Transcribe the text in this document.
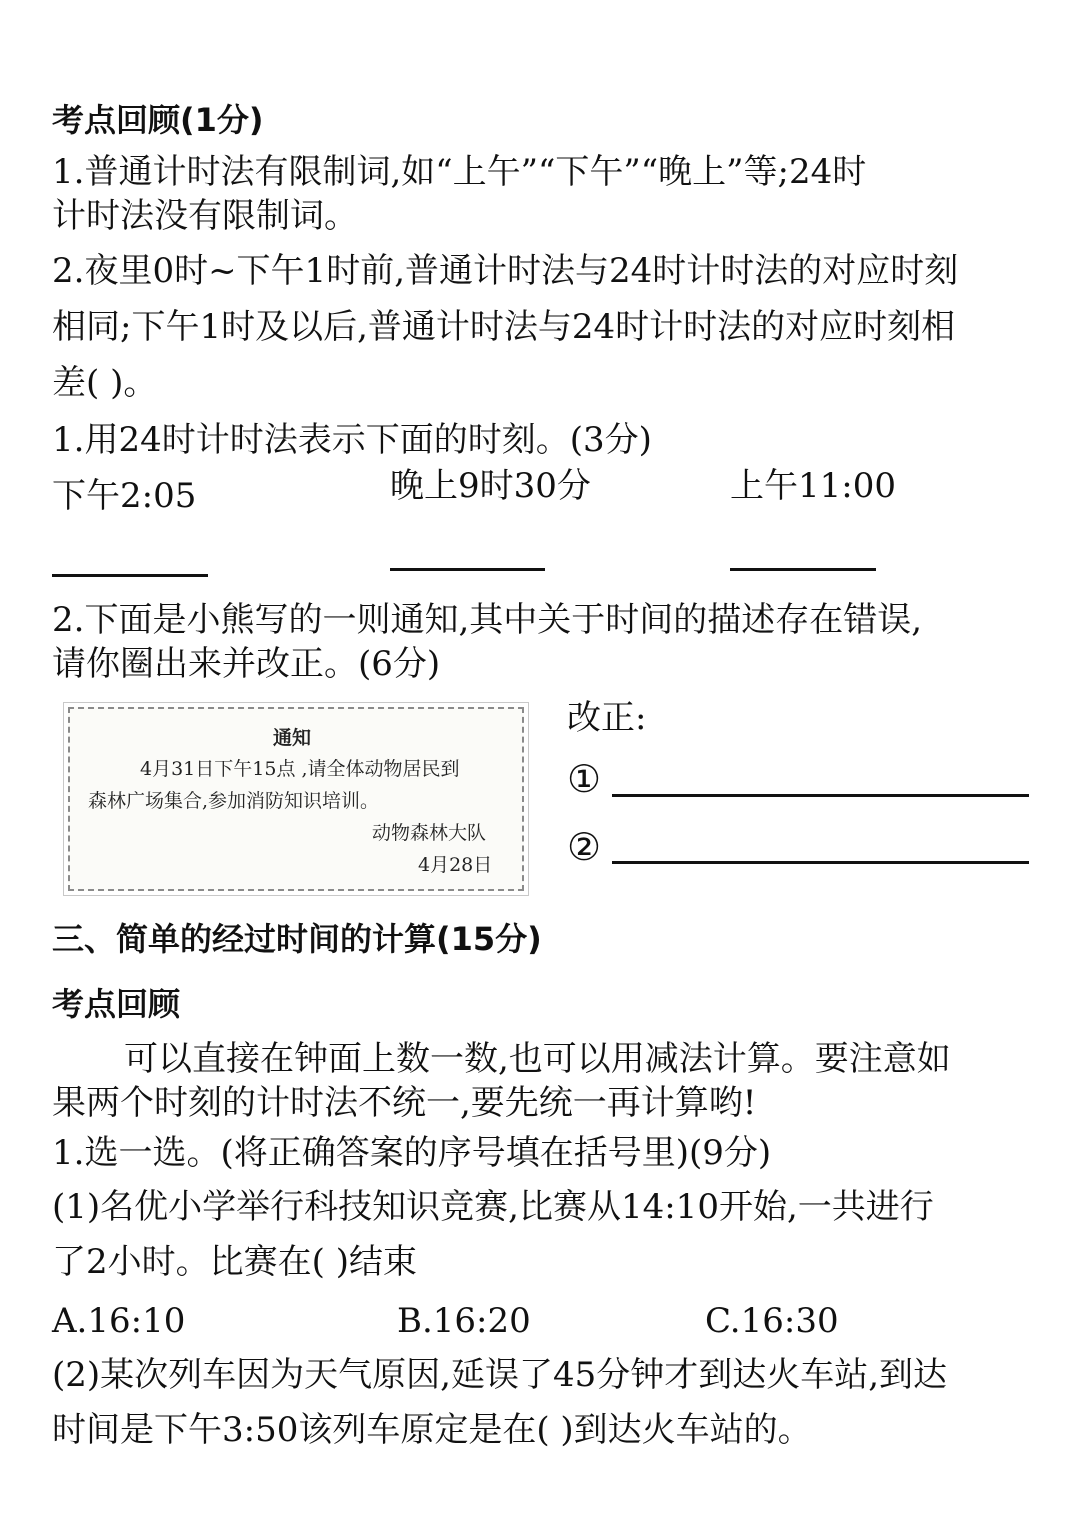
考点回顾(1分)
1.普通计时法有限制词,如“上午”“下午”“晚上”等;24时
计时法没有限制词。
2.夜里0时~下午1时前,普通计时法与24时计时法的对应时刻
相同;下午1时及以后,普通计时法与24时计时法的对应时刻相
差( )。
1.用24时计时法表示下面的时刻。(3分)
下午2:05	晚上9时30分	上午11:00
2.下面是小熊写的一则通知,其中关于时间的描述存在错误,
请你圈出来并改正。(6分)
通知
4月31日下午15点 ,请全体动物居民到
森林广场集合,参加消防知识培训。
动物森林大队
4月28日
改正:
①
②
三、简单的经过时间的计算(15分)
考点回顾
可以直接在钟面上数一数,也可以用减法计算。要注意如
果两个时刻的计时法不统一,要先统一再计算哟!
1.选一选。(将正确答案的序号填在括号里)(9分)
(1)名优小学举行科技知识竞赛,比赛从14:10开始,一共进行
了2小时。比赛在( )结束
A.16:10	B.16:20	C.16:30
(2)某次列车因为天气原因,延误了45分钟才到达火车站,到达
时间是下午3:50该列车原定是在( )到达火车站的。
